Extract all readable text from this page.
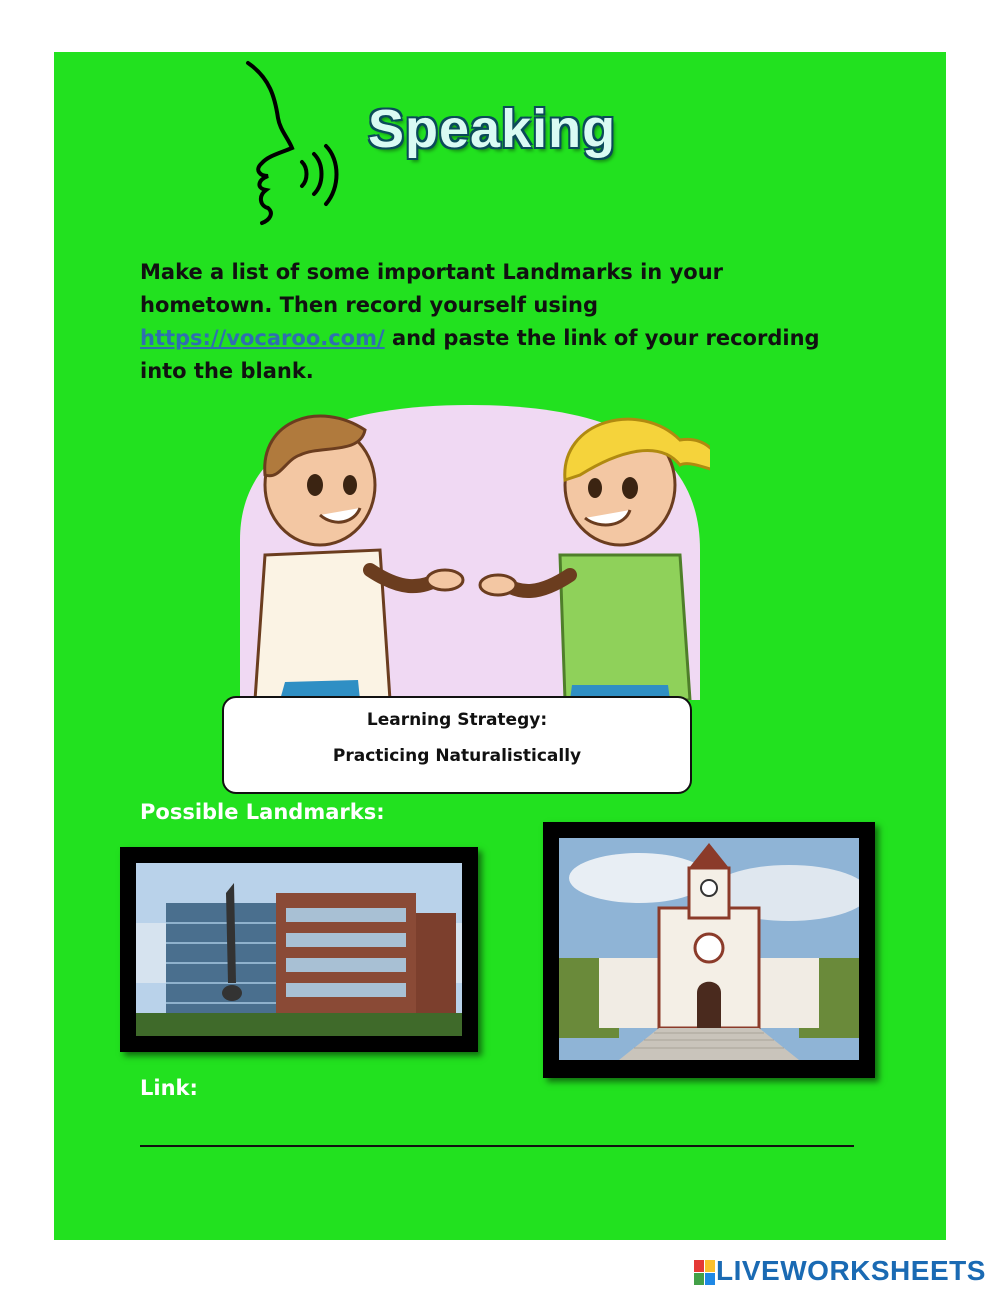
Speaking
Make a list of some important Landmarks in your hometown. Then record yourself using https://vocaroo.com/ and paste the link of your recording into the blank.
Learning Strategy:
Practicing Naturalistically
Possible Landmarks:
Link:
LIVEWORKSHEETS
